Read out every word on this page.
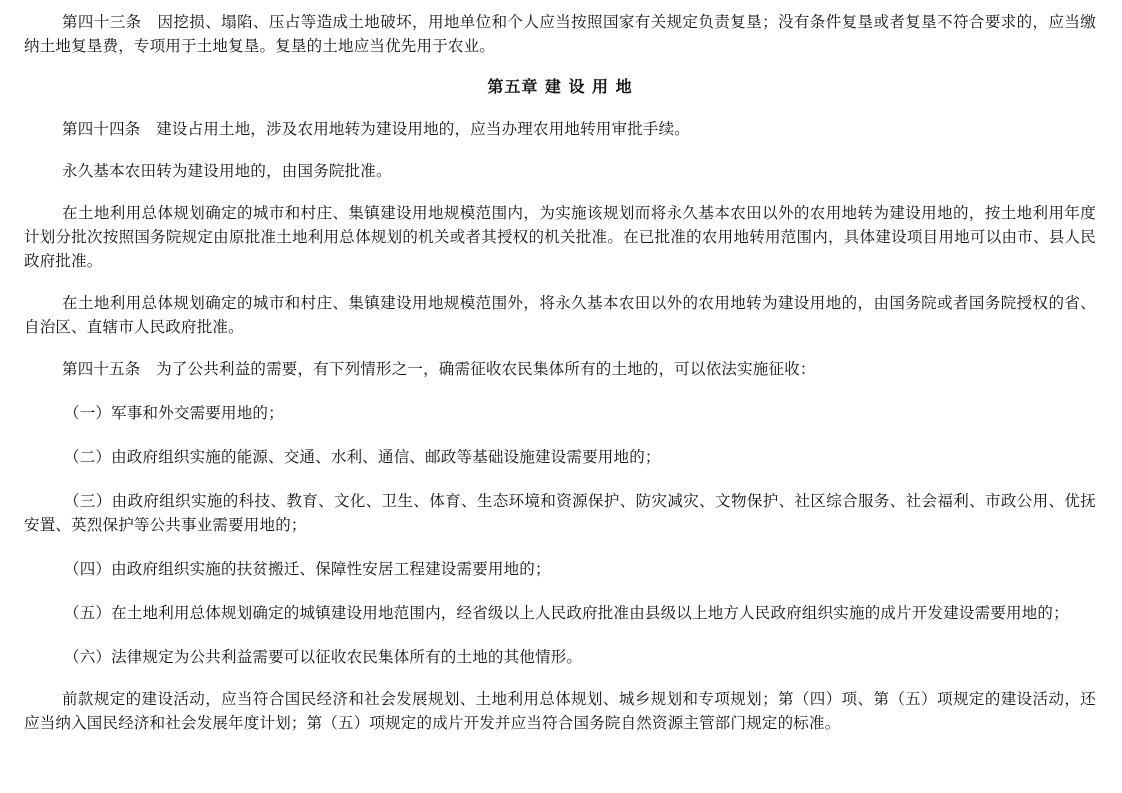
第四十三条　因挖损、塌陷、压占等造成土地破坏，用地单位和个人应当按照国家有关规定负责复垦；没有条件复垦或者复垦不符合要求的，应当缴纳土地复垦费，专项用于土地复垦。复垦的土地应当优先用于农业。

第五章 建 设 用 地

第四十四条　建设占用土地，涉及农用地转为建设用地的，应当办理农用地转用审批手续。

永久基本农田转为建设用地的，由国务院批准。

在土地利用总体规划确定的城市和村庄、集镇建设用地规模范围内，为实施该规划而将永久基本农田以外的农用地转为建设用地的，按土地利用年度计划分批次按照国务院规定由原批准土地利用总体规划的机关或者其授权的机关批准。在已批准的农用地转用范围内，具体建设项目用地可以由市、县人民政府批准。

在土地利用总体规划确定的城市和村庄、集镇建设用地规模范围外，将永久基本农田以外的农用地转为建设用地的，由国务院或者国务院授权的省、自治区、直辖市人民政府批准。

第四十五条　为了公共利益的需要，有下列情形之一，确需征收农民集体所有的土地的，可以依法实施征收：

（一）军事和外交需要用地的；

（二）由政府组织实施的能源、交通、水利、通信、邮政等基础设施建设需要用地的；

（三）由政府组织实施的科技、教育、文化、卫生、体育、生态环境和资源保护、防灾减灾、文物保护、社区综合服务、社会福利、市政公用、优抚安置、英烈保护等公共事业需要用地的；

（四）由政府组织实施的扶贫搬迁、保障性安居工程建设需要用地的；

（五）在土地利用总体规划确定的城镇建设用地范围内，经省级以上人民政府批准由县级以上地方人民政府组织实施的成片开发建设需要用地的；

（六）法律规定为公共利益需要可以征收农民集体所有的土地的其他情形。

前款规定的建设活动，应当符合国民经济和社会发展规划、土地利用总体规划、城乡规划和专项规划；第（四）项、第（五）项规定的建设活动，还应当纳入国民经济和社会发展年度计划；第（五）项规定的成片开发并应当符合国务院自然资源主管部门规定的标准。
